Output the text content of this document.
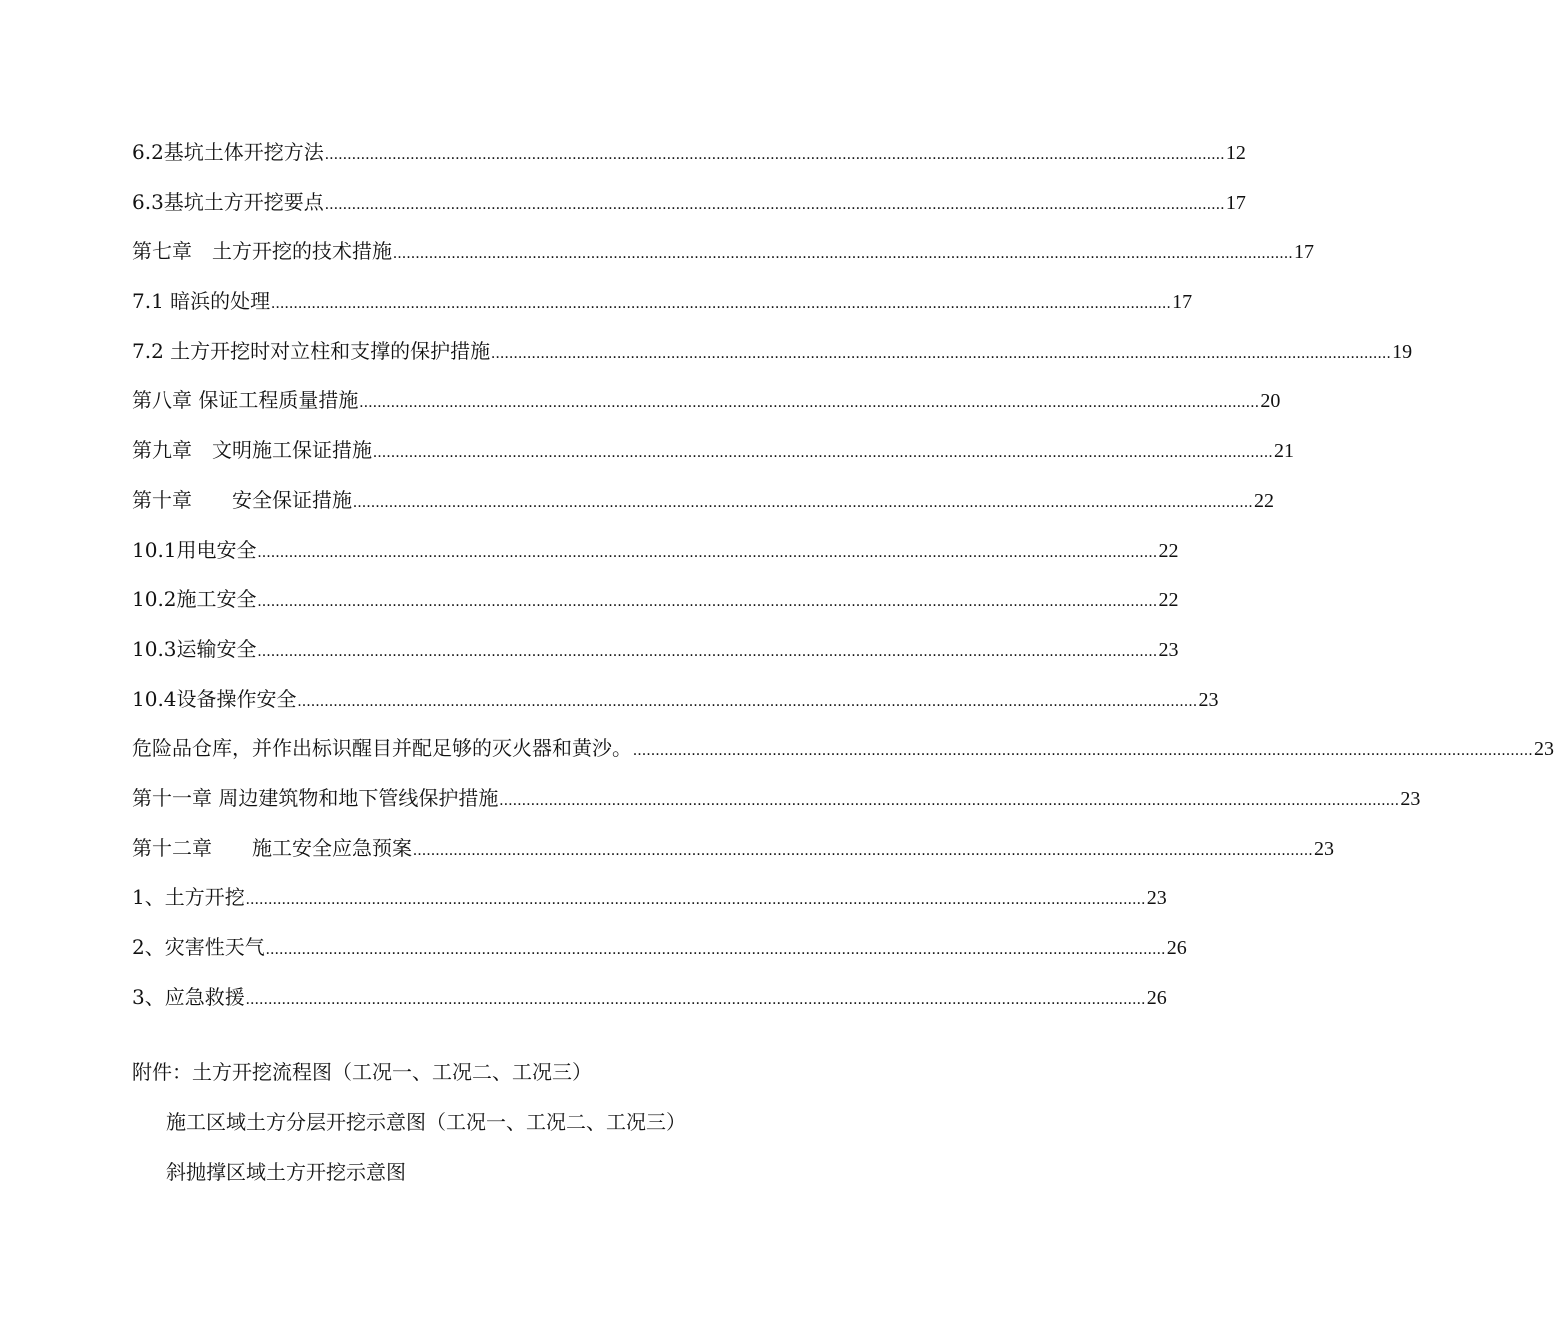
6.2基坑土体开挖方法 ........................................................................................................................................................................................................ 12
6.3基坑土方开挖要点 ........................................................................................................................................................................................................ 17
第七章　土方开挖的技术措施 ........................................................................................................................................................................................................ 17
7.1 暗浜的处理 ........................................................................................................................................................................................................ 17
7.2 土方开挖时对立柱和支撑的保护措施 ........................................................................................................................................................................................................ 19
第八章 保证工程质量措施 ........................................................................................................................................................................................................ 20
第九章　文明施工保证措施 ........................................................................................................................................................................................................ 21
第十章　　安全保证措施 ........................................................................................................................................................................................................ 22
10.1用电安全 ........................................................................................................................................................................................................ 22
10.2施工安全 ........................................................................................................................................................................................................ 22
10.3运输安全 ........................................................................................................................................................................................................ 23
10.4设备操作安全 ........................................................................................................................................................................................................ 23
危险品仓库，并作出标识醒目并配足够的灭火器和黄沙。 ........................................................................................................................................................................................................ 23
第十一章 周边建筑物和地下管线保护措施 ........................................................................................................................................................................................................ 23
第十二章　　施工安全应急预案 ........................................................................................................................................................................................................ 23
1、土方开挖 ........................................................................................................................................................................................................ 23
2、灾害性天气 ........................................................................................................................................................................................................ 26
3、应急救援 ........................................................................................................................................................................................................ 26
附件：土方开挖流程图（工况一、工况二、工况三）
施工区域土方分层开挖示意图（工况一、工况二、工况三）
斜抛撑区域土方开挖示意图
